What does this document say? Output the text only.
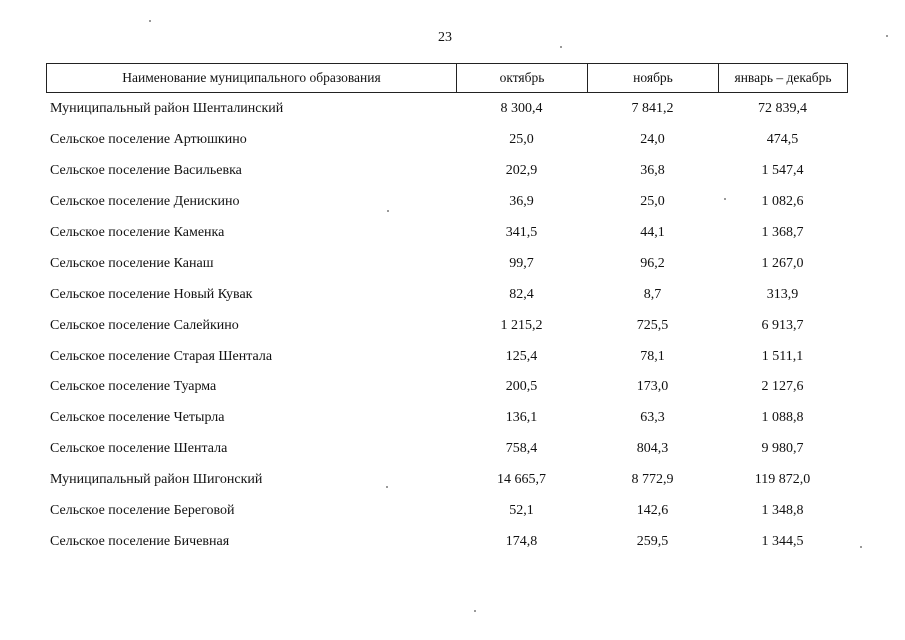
23
Наименование муниципального образования	октябрь	ноябрь	январь – декабрь
Муниципальный район Шенталинский	8 300,4	7 841,2	72 839,4
Сельское поселение Артюшкино	25,0	24,0	474,5
Сельское поселение Васильевка	202,9	36,8	1 547,4
Сельское поселение Денискино	36,9	25,0	1 082,6
Сельское поселение Каменка	341,5	44,1	1 368,7
Сельское поселение Канаш	99,7	96,2	1 267,0
Сельское поселение Новый Кувак	82,4	8,7	313,9
Сельское поселение Салейкино	1 215,2	725,5	6 913,7
Сельское поселение Старая Шентала	125,4	78,1	1 511,1
Сельское поселение Туарма	200,5	173,0	2 127,6
Сельское поселение Четырла	136,1	63,3	1 088,8
Сельское поселение Шентала	758,4	804,3	9 980,7
Муниципальный район Шигонский	14 665,7	8 772,9	119 872,0
Сельское поселение Береговой	52,1	142,6	1 348,8
Сельское поселение Бичевная	174,8	259,5	1 344,5
